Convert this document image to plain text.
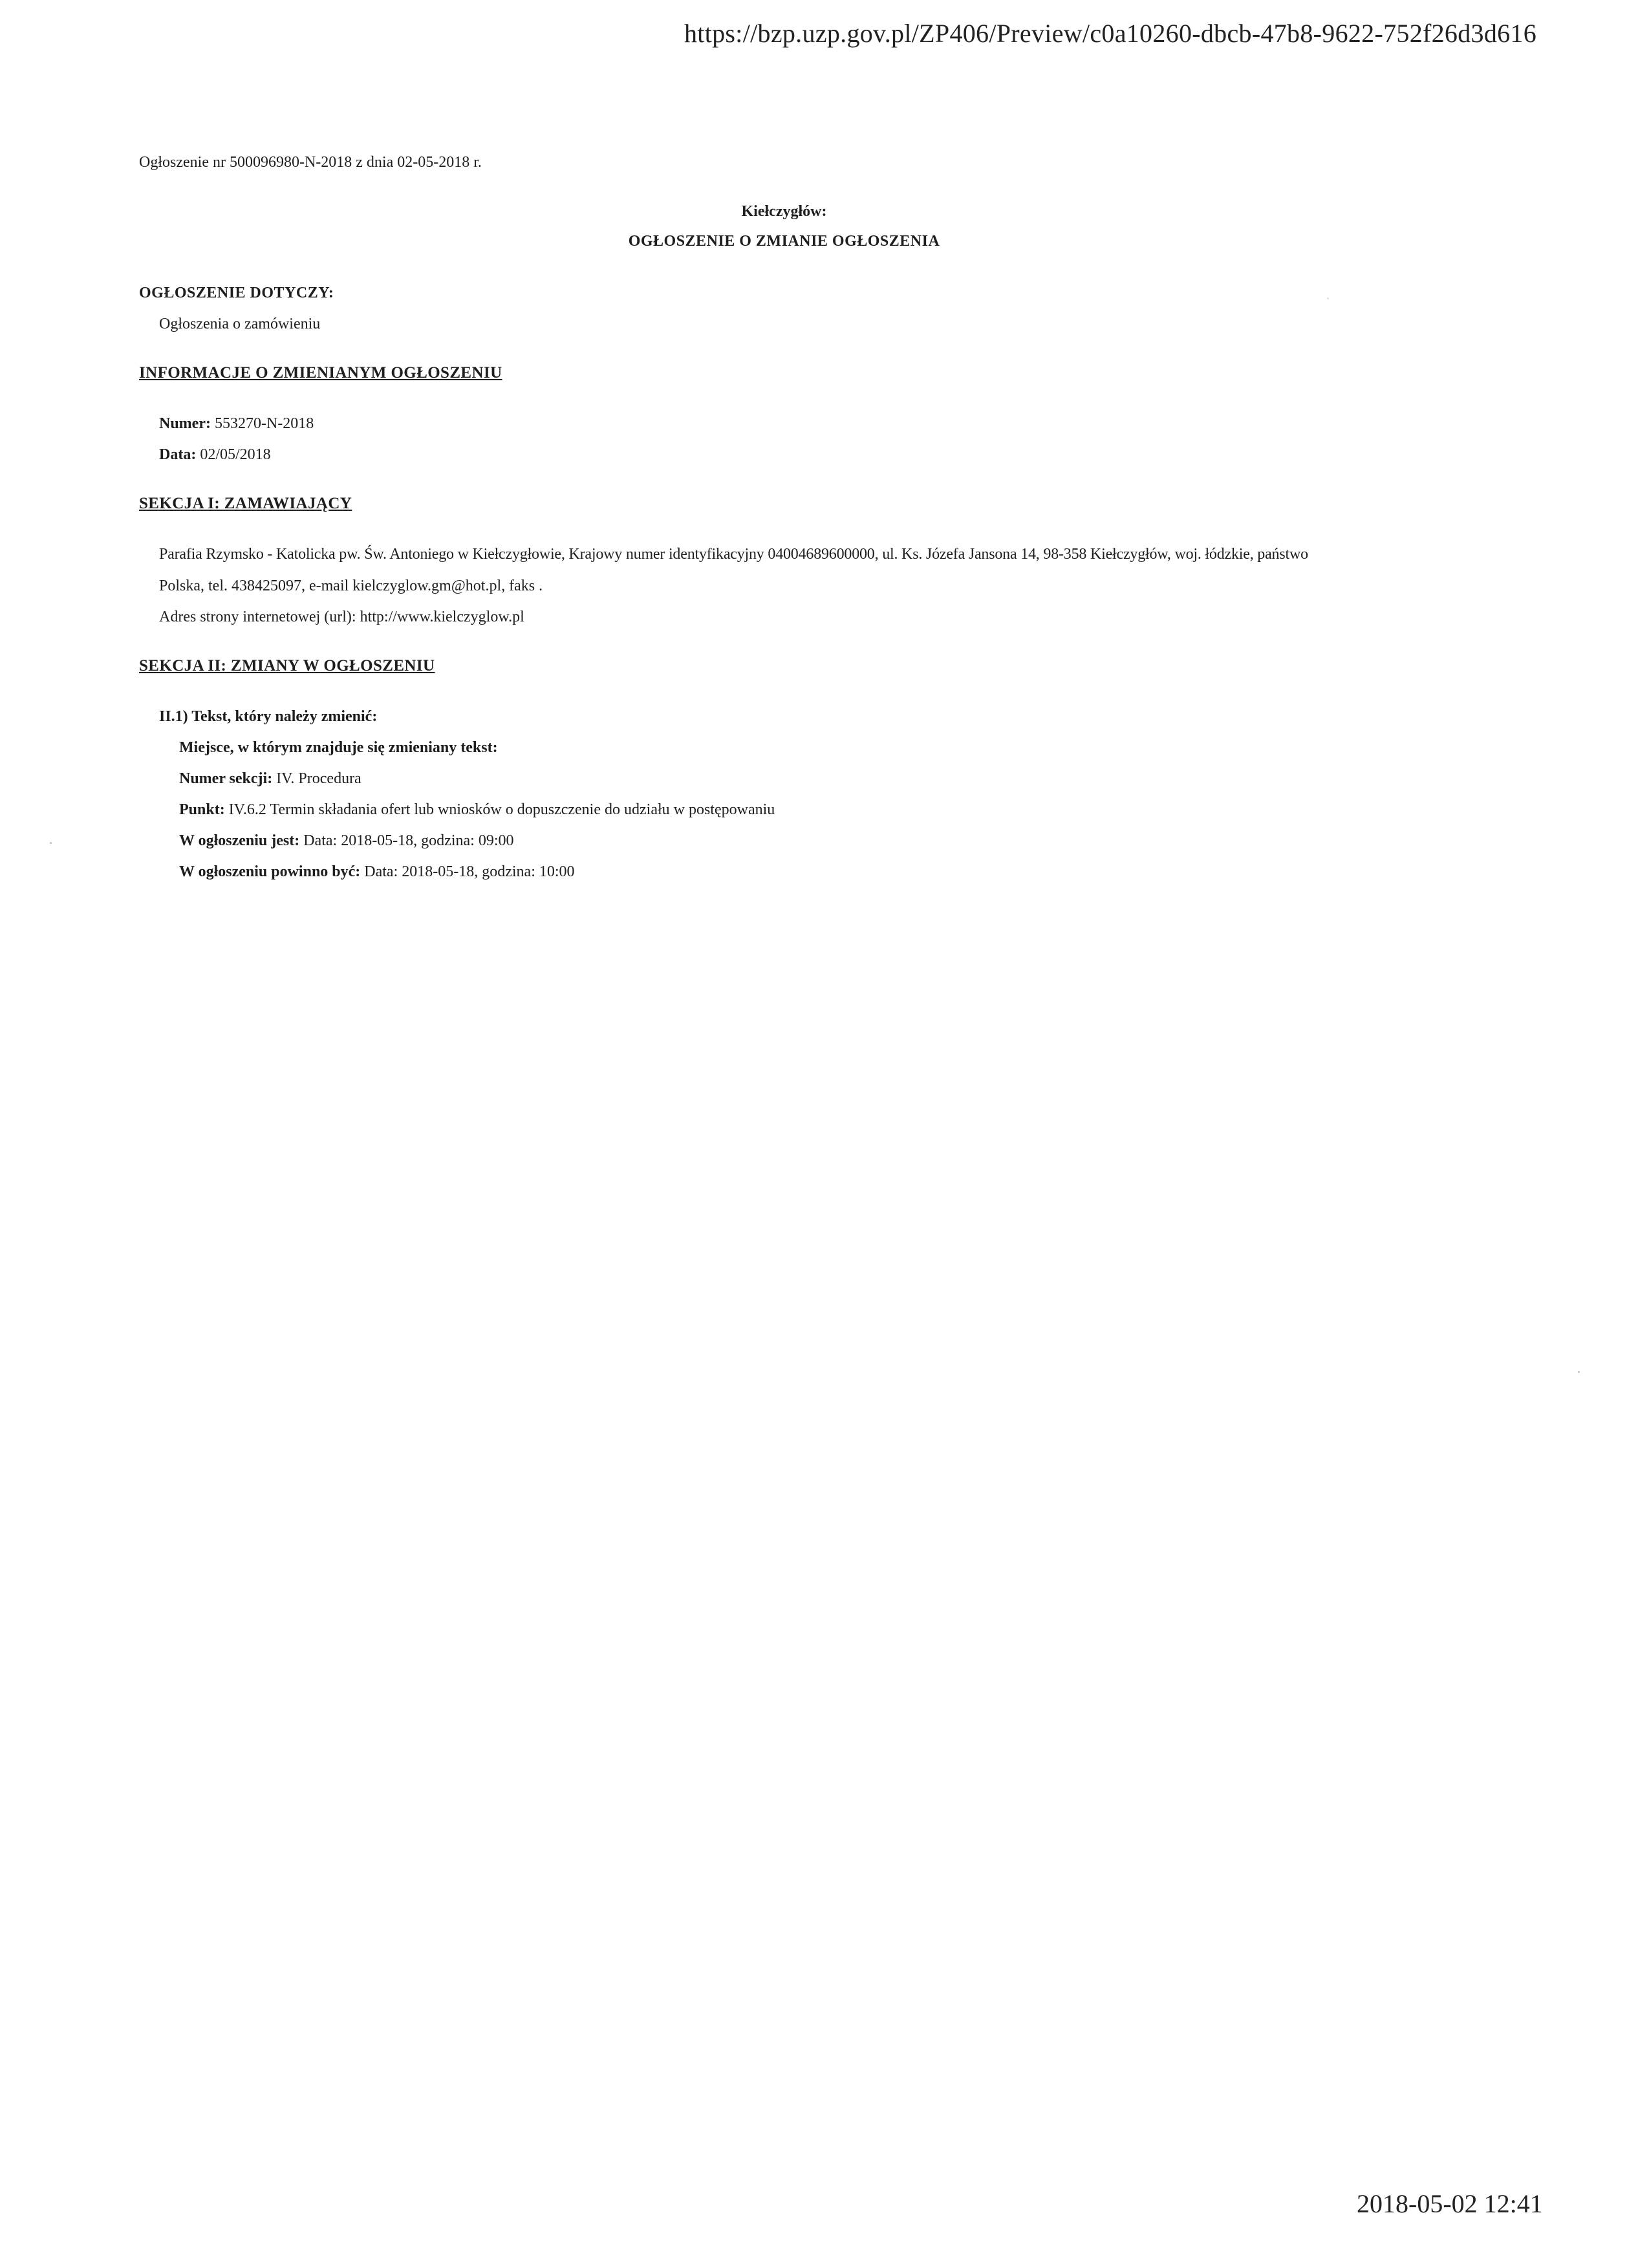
https://bzp.uzp.gov.pl/ZP406/Preview/c0a10260-dbcb-47b8-9622-752f26d3d616
Ogłoszenie nr 500096980-N-2018 z dnia 02-05-2018 r.
Kiełczygłów:
OGŁOSZENIE O ZMIANIE OGŁOSZENIA
OGŁOSZENIE DOTYCZY:
Ogłoszenia o zamówieniu
INFORMACJE O ZMIENIANYM OGŁOSZENIU
Numer: 553270-N-2018
Data: 02/05/2018
SEKCJA I: ZAMAWIAJĄCY
Parafia Rzymsko - Katolicka pw. Św. Antoniego w Kiełczygłowie, Krajowy numer identyfikacyjny 04004689600000, ul. Ks. Józefa Jansona 14, 98-358 Kiełczygłów, woj. łódzkie, państwo
Polska, tel. 438425097, e-mail kielczyglow.gm@hot.pl, faks .
Adres strony internetowej (url): http://www.kielczyglow.pl
SEKCJA II: ZMIANY W OGŁOSZENIU
II.1) Tekst, który należy zmienić:
Miejsce, w którym znajduje się zmieniany tekst:
Numer sekcji: IV. Procedura
Punkt: IV.6.2 Termin składania ofert lub wniosków o dopuszczenie do udziału w postępowaniu
W ogłoszeniu jest: Data: 2018-05-18, godzina: 09:00
W ogłoszeniu powinno być: Data: 2018-05-18, godzina: 10:00
2018-05-02 12:41
